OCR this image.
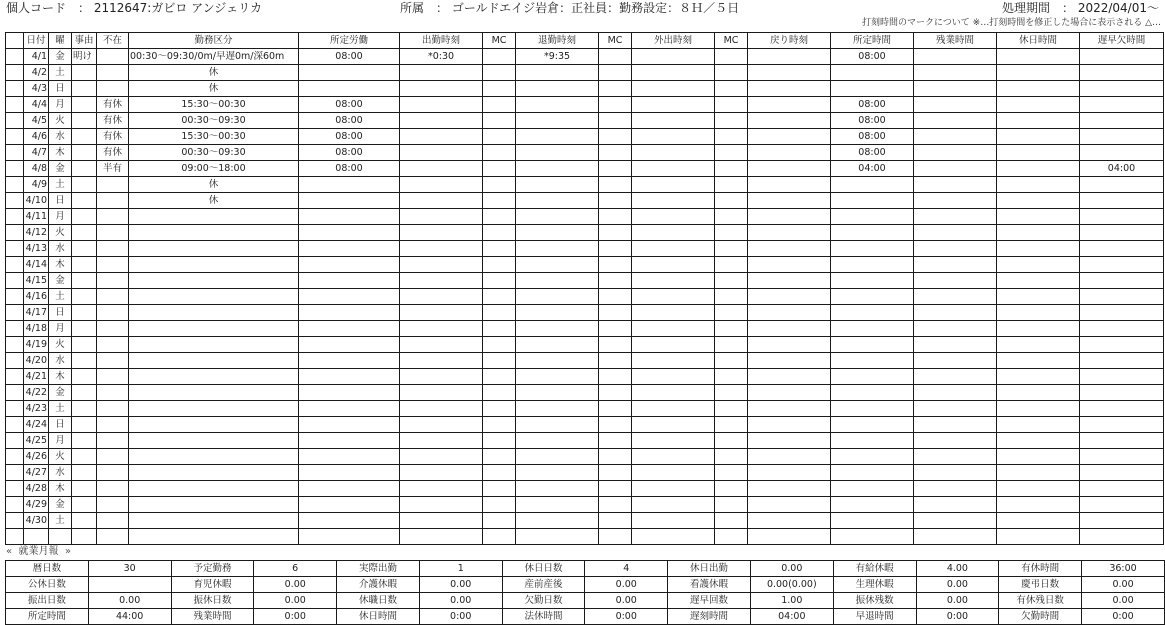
個人コード　： 2112647:ガビロ アンジェリカ	所属　： ゴールドエイジ岩倉：正社員：勤務設定：８Ｈ／５日	処理期間　： 2022/04/01～
打刻時間のマークについて ※…打刻時間を修正した場合に表示される △…
	日付	曜	事由	不在	勤務区分	所定労働	出勤時刻	MC	退勤時刻	MC	外出時刻	MC	戻り時刻	所定時間	残業時間	休日時間	遅早欠時間
	4/1	金	明け		00:30～09:30/0m/早遅0m/深60m	08:00	*0:30		*9:35					08:00			
	4/2	土			休												
	4/3	日			休												
	4/4	月		有休	15:30～00:30	08:00								08:00			
	4/5	火		有休	00:30～09:30	08:00								08:00			
	4/6	水		有休	15:30～00:30	08:00								08:00			
	4/7	木		有休	00:30～09:30	08:00								08:00			
	4/8	金		半有	09:00～18:00	08:00								04:00			04:00
	4/9	土			休												
	4/10	日			休												
	4/11	月															
	4/12	火															
	4/13	水															
	4/14	木															
	4/15	金															
	4/16	土															
	4/17	日															
	4/18	月															
	4/19	火															
	4/20	水															
	4/21	木															
	4/22	金															
	4/23	土															
	4/24	日															
	4/25	月															
	4/26	火															
	4/27	水															
	4/28	木															
	4/29	金															
	4/30	土															

« 就業月報 »
暦日数	30	予定勤務	6	実際出勤	1	休日日数	4	休日出勤	0.00	有給休暇	4.00	有休時間	36:00
公休日数		育児休暇	0.00	介護休暇	0.00	産前産後	0.00	看護休暇	0.00(0.00)	生理休暇	0.00	慶弔日数	0.00
振出日数	0.00	振休日数	0.00	休職日数	0.00	欠勤日数	0.00	遅早回数	1.00	振休残数	0.00	有休残日数	0.00
所定時間	44:00	残業時間	0:00	休日時間	0:00	法休時間	0:00	遅刻時間	04:00	早退時間	0:00	欠勤時間	0:00
